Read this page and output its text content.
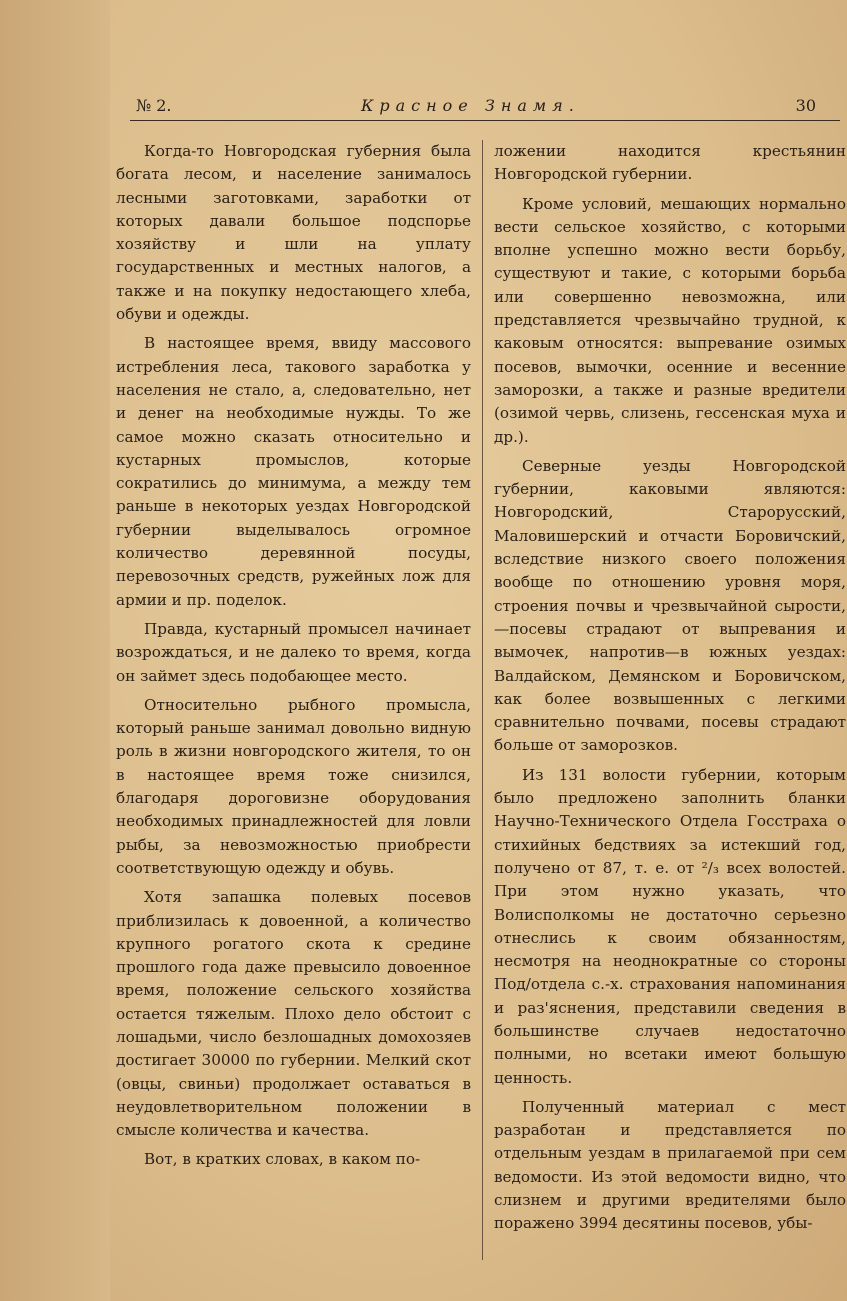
№ 2.	Красное Знамя.	30

Когда-то Новгородская губерния была богата лесом, и население занималось лесными заготовками, заработки от которых давали большое подспорье хозяйству и шли на уплату государственных и местных налогов, а также и на покупку недостающего хлеба, обуви и одежды.

В настоящее время, ввиду массового истребления леса, такового заработка у населения не стало, а, следовательно, нет и денег на необходимые нужды. То же самое можно сказать относительно и кустарных промыслов, которые сократились до минимума, а между тем раньше в некоторых уездах Новгородской губернии выделывалось огромное количество деревянной посуды, перевозочных средств, ружейных лож для армии и пр. поделок.

Правда, кустарный промысел начинает возрождаться, и не далеко то время, когда он займет здесь подобающее место.

Относительно рыбного промысла, который раньше занимал довольно видную роль в жизни новгородского жителя, то он в настоящее время тоже снизился, благодаря дороговизне оборудования необходимых принадлежностей для ловли рыбы, за невозможностью приобрести соответствующую одежду и обувь.

Хотя запашка полевых посевов приблизилась к довоенной, а количество крупного рогатого скота к средине прошлого года даже превысило довоенное время, положение сельского хозяйства остается тяжелым. Плохо дело обстоит с лошадьми, число безлошадных домохозяев достигает 30000 по губернии. Мелкий скот (овцы, свиньи) продолжает оставаться в неудовлетворительном положении в смысле количества и качества.

Вот, в кратких словах, в каком по-

ложении находится крестьянин Новгородской губернии.

Кроме условий, мешающих нормально вести сельское хозяйство, с которыми вполне успешно можно вести борьбу, существуют и такие, с которыми борьба или совершенно невозможна, или представляется чрезвычайно трудной, к каковым относятся: выпревание озимых посевов, вымочки, осенние и весенние заморозки, а также и разные вредители (озимой червь, слизень, гессенская муха и др.).

Северные уезды Новгородской губернии, каковыми являются: Новгородский, Старорусский, Маловишерский и отчасти Боровичский, вследствие низкого своего положения вообще по отношению уровня моря, строения почвы и чрезвычайной сырости,—посевы страдают от выпревания и вымочек, напротив—в южных уездах: Валдайском, Демянском и Боровичском, как более возвышенных с легкими сравнительно почвами, посевы страдают больше от заморозков.

Из 131 волости губернии, которым было предложено заполнить бланки Научно-Технического Отдела Госстраха о стихийных бедствиях за истекший год, получено от 87, т. е. от ²/₃ всех волостей. При этом нужно указать, что Волисполкомы не достаточно серьезно отнеслись к своим обязанностям, несмотря на неоднократные со стороны Под/отдела с.-х. страхования напоминания и раз'яснения, представили сведения в большинстве случаев недостаточно полными, но всетаки имеют большую ценность.

Полученный материал с мест разработан и представляется по отдельным уездам в прилагаемой при сем ведомости. Из этой ведомости видно, что слизнем и другими вредителями было поражено 3994 десятины посевов, убы-
